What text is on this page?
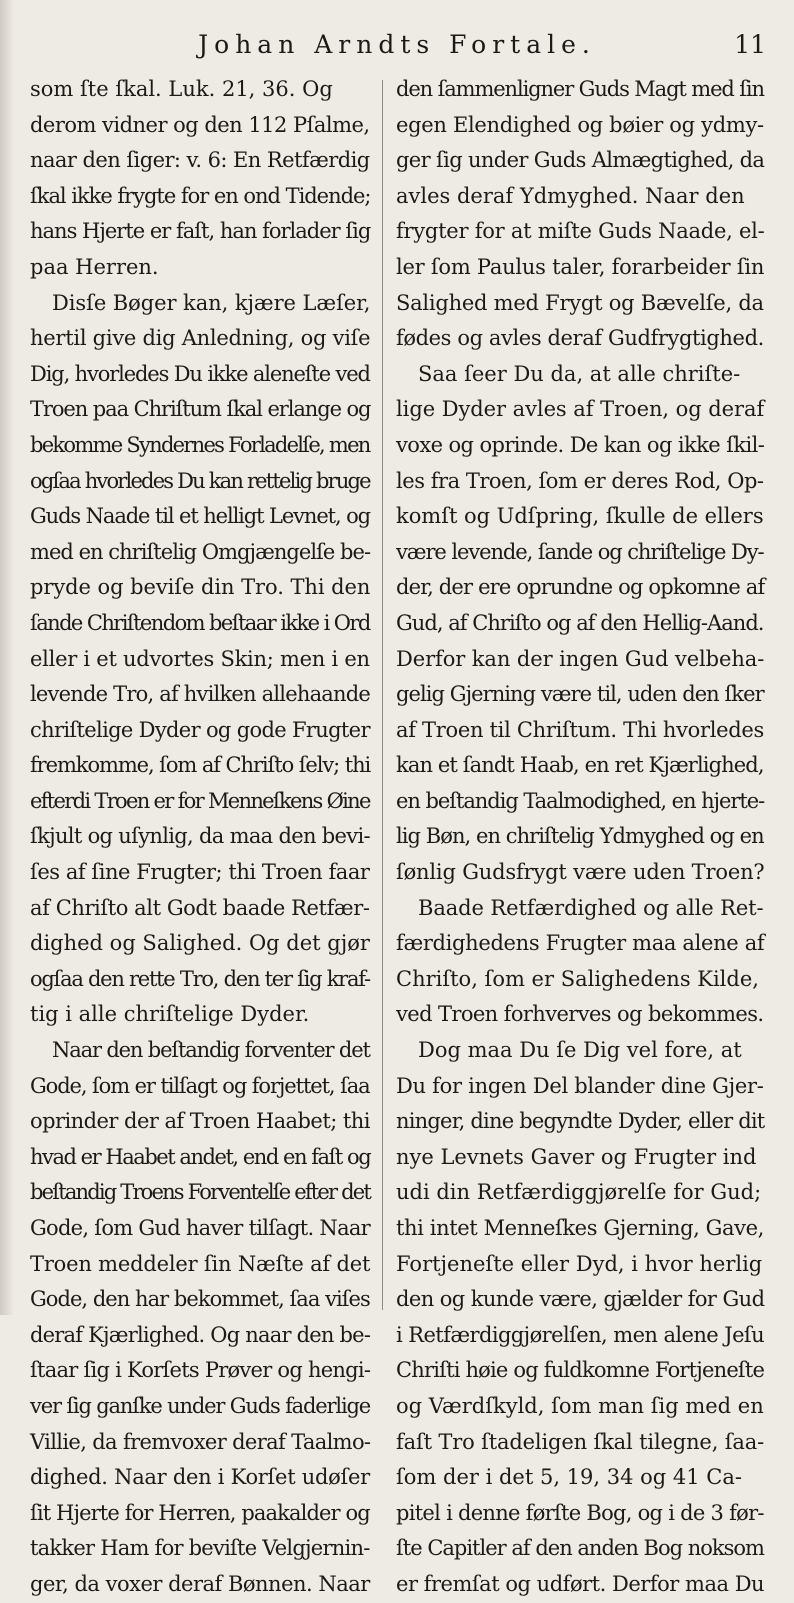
Johan Arndts Fortale.	11
som ſte ſkal. Luk. 21, 36. Og
derom vidner og den 112 Pſalme,
naar den ſiger: v. 6: En Retfærdig
ſkal ikke frygte for en ond Tidende;
hans Hjerte er faſt, han forlader ſig
paa Herren.
Disſe Bøger kan, kjære Læſer,
hertil give dig Anledning, og viſe
Dig, hvorledes Du ikke aleneſte ved
Troen paa Chriſtum ſkal erlange og
bekomme Syndernes Forladelſe, men
ogſaa hvorledes Du kan rettelig bruge
Guds Naade til et helligt Levnet, og
med en chriſtelig Omgjængelſe be-
pryde og beviſe din Tro. Thi den
ſande Chriſtendom beſtaar ikke i Ord
eller i et udvortes Skin; men i en
levende Tro, af hvilken allehaande
chriſtelige Dyder og gode Frugter
fremkomme, ſom af Chriſto ſelv; thi
efterdi Troen er for Menneſkens Øine
ſkjult og uſynlig, da maa den bevi-
ſes af ſine Frugter; thi Troen faar
af Chriſto alt Godt baade Retfær-
dighed og Salighed. Og det gjør
ogſaa den rette Tro, den ter ſig kraf-
tig i alle chriſtelige Dyder.
Naar den beſtandig forventer det
Gode, ſom er tilſagt og forjettet, ſaa
oprinder der af Troen Haabet; thi
hvad er Haabet andet, end en faſt og
beſtandig Troens Forventelſe efter det
Gode, ſom Gud haver tilſagt. Naar
Troen meddeler ſin Næſte af det
Gode, den har bekommet, ſaa viſes
deraf Kjærlighed. Og naar den be-
ſtaar ſig i Korſets Prøver og hengi-
ver ſig ganſke under Guds faderlige
Villie, da fremvoxer deraf Taalmo-
dighed. Naar den i Korſet udøſer
ſit Hjerte for Herren, paakalder og
takker Ham for beviſte Velgjernin-
ger, da voxer deraf Bønnen. Naar
den ſammenligner Guds Magt med ſin
egen Elendighed og bøier og ydmy-
ger ſig under Guds Almægtighed, da
avles deraf Ydmyghed. Naar den
frygter for at miſte Guds Naade, el-
ler ſom Paulus taler, forarbeider ſin
Salighed med Frygt og Bævelſe, da
fødes og avles deraf Gudfrygtighed.
Saa ſeer Du da, at alle chriſte-
lige Dyder avles af Troen, og deraf
voxe og oprinde. De kan og ikke ſkil-
les fra Troen, ſom er deres Rod, Op-
komſt og Udſpring, ſkulle de ellers
være levende, ſande og chriſtelige Dy-
der, der ere oprundne og opkomne af
Gud, af Chriſto og af den Hellig-Aand.
Derfor kan der ingen Gud velbeha-
gelig Gjerning være til, uden den ſker
af Troen til Chriſtum. Thi hvorledes
kan et ſandt Haab, en ret Kjærlighed,
en beſtandig Taalmodighed, en hjerte-
lig Bøn, en chriſtelig Ydmyghed og en
ſønlig Gudsfrygt være uden Troen?
Baade Retfærdighed og alle Ret-
færdighedens Frugter maa alene af
Chriſto, ſom er Salighedens Kilde,
ved Troen forhverves og bekommes.
Dog maa Du ſe Dig vel fore, at
Du for ingen Del blander dine Gjer-
ninger, dine begyndte Dyder, eller dit
nye Levnets Gaver og Frugter ind
udi din Retfærdiggjørelſe for Gud;
thi intet Menneſkes Gjerning, Gave,
Fortjeneſte eller Dyd, i hvor herlig
den og kunde være, gjælder for Gud
i Retfærdiggjørelſen, men alene Jeſu
Chriſti høie og fuldkomne Fortjeneſte
og Værdſkyld, ſom man ſig med en
faſt Tro ſtadeligen ſkal tilegne, ſaa-
ſom der i det 5, 19, 34 og 41 Ca-
pitel i denne førſte Bog, og i de 3 før-
ſte Capitler af den anden Bog noksom
er fremſat og udført. Derfor maa Du
